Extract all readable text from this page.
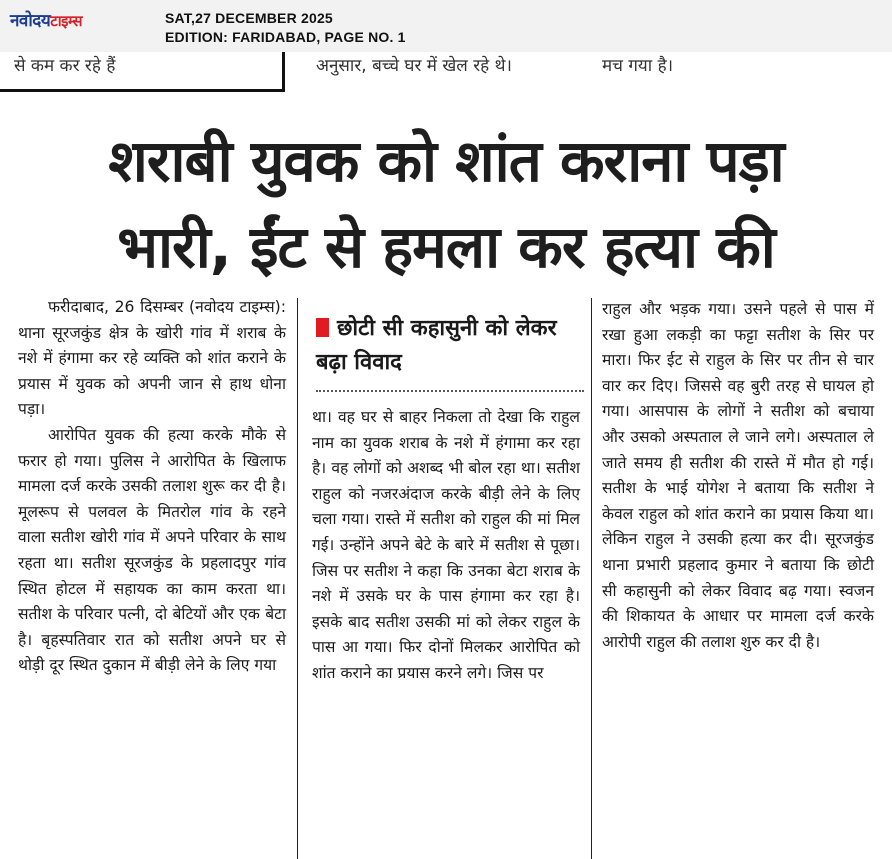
नवोदयटाइम्स	SAT,27 DECEMBER 2025
EDITION: FARIDABAD, PAGE NO. 1
से कम कर रहे हैं	अनुसार, बच्चे घर में खेल रहे थे।	मच गया है।
शराबी युवक को शांत कराना पड़ा
भारी, ईंट से हमला कर हत्या की

फरीदाबाद, 26 दिसम्बर (नवोदय टाइम्स): थाना सूरजकुंड क्षेत्र के खोरी गांव में शराब के नशे में हंगामा कर रहे व्यक्ति को शांत कराने के प्रयास में युवक को अपनी जान से हाथ धोना पड़ा।

आरोपित युवक की हत्या करके मौके से फरार हो गया। पुलिस ने आरोपित के खिलाफ मामला दर्ज करके उसकी तलाश शुरू कर दी है। मूलरूप से पलवल के मितरोल गांव के रहने वाला सतीश खोरी गांव में अपने परिवार के साथ रहता था। सतीश सूरजकुंड के प्रहलादपुर गांव स्थित होटल में सहायक का काम करता था। सतीश के परिवार पत्नी, दो बेटियों और एक बेटा है। बृहस्पतिवार रात को सतीश अपने घर से थोड़ी दूर स्थित दुकान में बीड़ी लेने के लिए गया

छोटी सी कहासुनी को लेकर बढ़ा विवाद

था। वह घर से बाहर निकला तो देखा कि राहुल नाम का युवक शराब के नशे में हंगामा कर रहा है। वह लोगों को अशब्द भी बोल रहा था। सतीश राहुल को नजरअंदाज करके बीड़ी लेने के लिए चला गया। रास्ते में सतीश को राहुल की मां मिल गई। उन्होंने अपने बेटे के बारे में सतीश से पूछा। जिस पर सतीश ने कहा कि उनका बेटा शराब के नशे में उसके घर के पास हंगामा कर रहा है। इसके बाद सतीश उसकी मां को लेकर राहुल के पास आ गया। फिर दोनों मिलकर आरोपित को शांत कराने का प्रयास करने लगे। जिस पर

राहुल और भड़क गया। उसने पहले से पास में रखा हुआ लकड़ी का फट्टा सतीश के सिर पर मारा। फिर ईट से राहुल के सिर पर तीन से चार वार कर दिए। जिससे वह बुरी तरह से घायल हो गया। आसपास के लोगों ने सतीश को बचाया और उसको अस्पताल ले जाने लगे। अस्पताल ले जाते समय ही सतीश की रास्ते में मौत हो गई। सतीश के भाई योगेश ने बताया कि सतीश ने केवल राहुल को शांत कराने का प्रयास किया था। लेकिन राहुल ने उसकी हत्या कर दी। सूरजकुंड थाना प्रभारी प्रहलाद कुमार ने बताया कि छोटी सी कहासुनी को लेकर विवाद बढ़ गया। स्वजन की शिकायत के आधार पर मामला दर्ज करके आरोपी राहुल की तलाश शुरु कर दी है।
